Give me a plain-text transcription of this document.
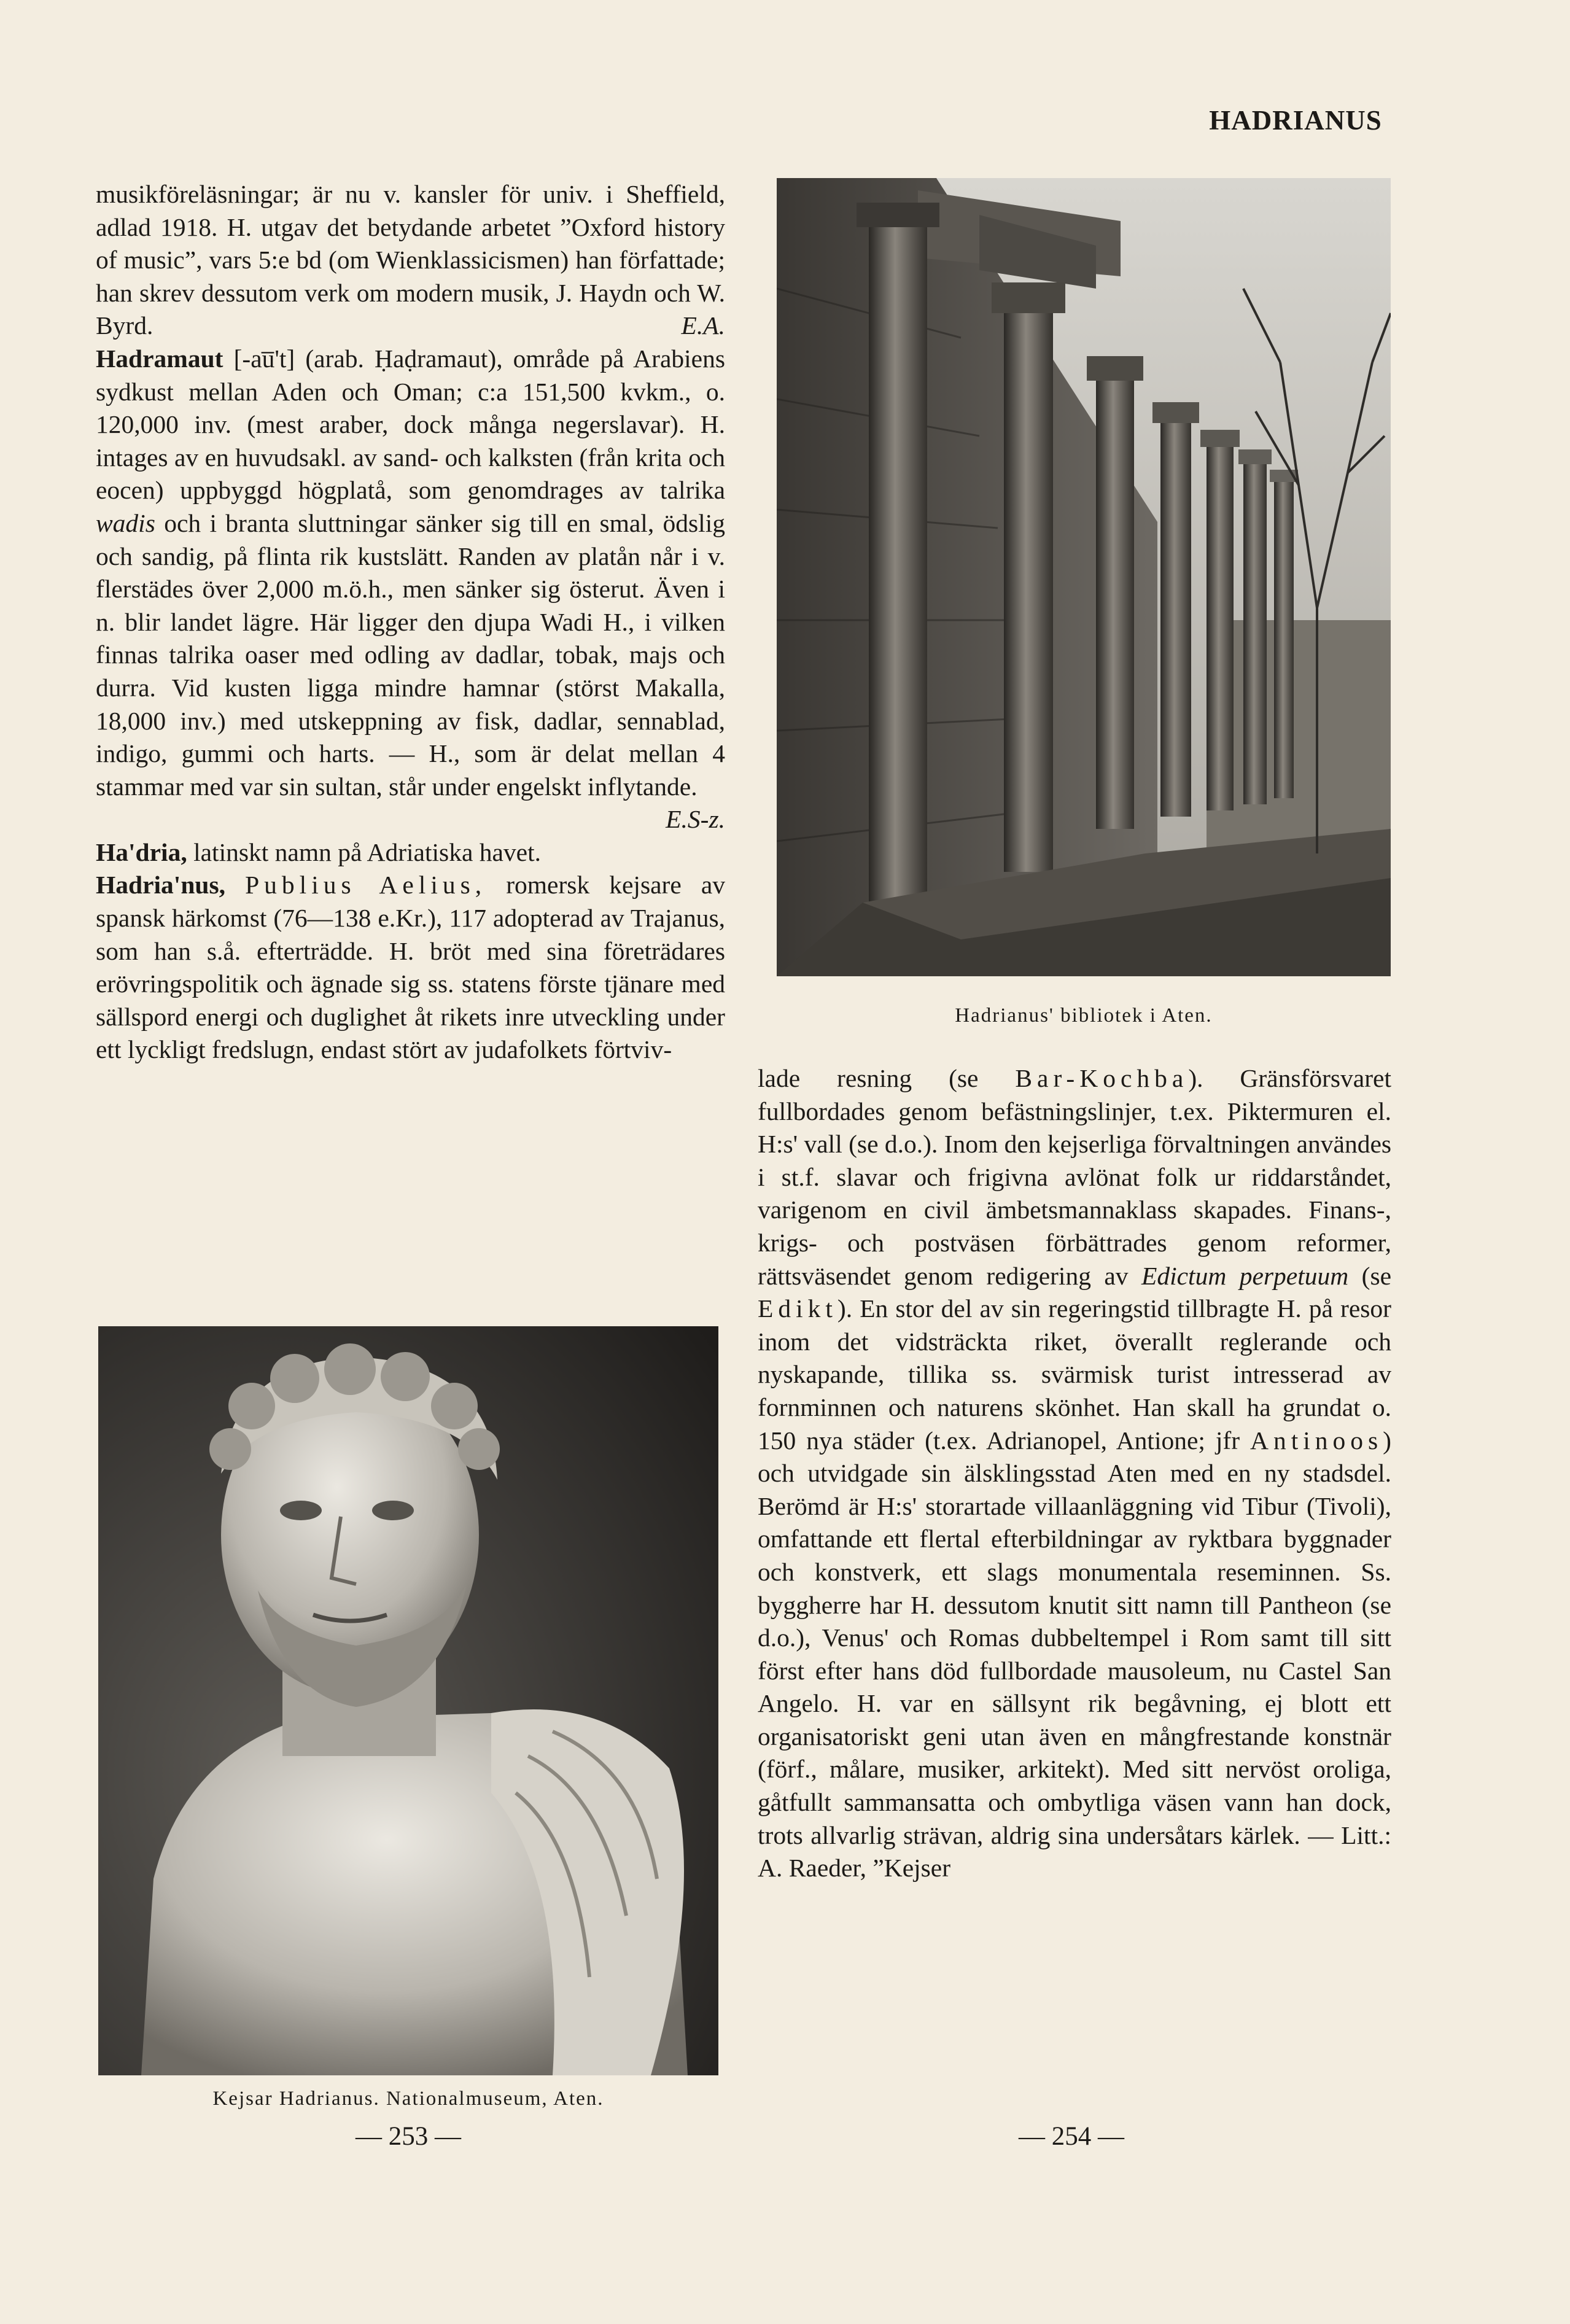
HADRIANUS

musikföreläsningar; är nu v. kansler för univ. i Sheffield, adlad 1918. H. utgav det betydande arbetet ”Oxford history of music”, vars 5:e bd (om Wienklassicismen) han författade; han skrev dessutom verk om modern musik, J. Haydn och W. Byrd.	E.A.

Hadramaut [-au̅'t] (arab. Ḥaḍramaut), område på Arabiens sydkust mellan Aden och Oman; c:a 151,500 kvkm., o. 120,000 inv. (mest araber, dock många negerslavar). H. intages av en huvudsakl. av sand- och kalksten (från krita och eocen) uppbyggd högplatå, som genomdrages av talrika wadis och i branta sluttningar sänker sig till en smal, ödslig och sandig, på flinta rik kustslätt. Randen av platån når i v. flerstädes över 2,000 m.ö.h., men sänker sig österut. Även i n. blir landet lägre. Här ligger den djupa Wadi H., i vilken finnas talrika oaser med odling av dadlar, tobak, majs och durra. Vid kusten ligga mindre hamnar (störst Makalla, 18,000 inv.) med utskeppning av fisk, dadlar, sennablad, indigo, gummi och harts. — H., som är delat mellan 4 stammar med var sin sultan, står under engelskt inflytande.
E.S-z.

Ha'dria, latinskt namn på Adriatiska havet.

Hadria'nus, Publius Aelius, romersk kejsare av spansk härkomst (76—138 e.Kr.), 117 adopterad av Trajanus, som han s.å. efterträdde. H. bröt med sina företrädares erövringspolitik och ägnade sig ss. statens förste tjänare med sällspord energi och duglighet åt rikets inre utveckling under ett lyckligt fredslugn, endast stört av judafolkets förtviv-

Hadrianus' bibliotek i Aten.
Kejsar Hadrianus. Nationalmuseum, Aten.

lade resning (se Bar-Kochba). Gränsförsvaret fullbordades genom befästningslinjer, t.ex. Piktermuren el. H:s' vall (se d.o.). Inom den kejserliga förvaltningen användes i st.f. slavar och frigivna avlönat folk ur riddarståndet, varigenom en civil ämbetsmannaklass skapades. Finans-, krigs- och postväsen förbättrades genom reformer, rättsväsendet genom redigering av Edictum perpetuum (se Edikt). En stor del av sin regeringstid tillbragte H. på resor inom det vidsträckta riket, överallt reglerande och nyskapande, tillika ss. svärmisk turist intresserad av fornminnen och naturens skönhet. Han skall ha grundat o. 150 nya städer (t.ex. Adrianopel, Antione; jfr Antinoos) och utvidgade sin älsklingsstad Aten med en ny stadsdel. Berömd är H:s' storartade villaanläggning vid Tibur (Tivoli), omfattande ett flertal efterbildningar av ryktbara byggnader och konstverk, ett slags monumentala reseminnen. Ss. byggherre har H. dessutom knutit sitt namn till Pantheon (se d.o.), Venus' och Romas dubbeltempel i Rom samt till sitt först efter hans död fullbordade mausoleum, nu Castel San Angelo. H. var en sällsynt rik begåvning, ej blott ett organisatoriskt geni utan även en mångfrestande konstnär (förf., målare, musiker, arkitekt). Med sitt nervöst oroliga, gåtfullt sammansatta och ombytliga väsen vann han dock, trots allvarlig strävan, aldrig sina undersåtars kärlek. — Litt.: A. Raeder, ”Kejser

— 253 —	— 254 —
